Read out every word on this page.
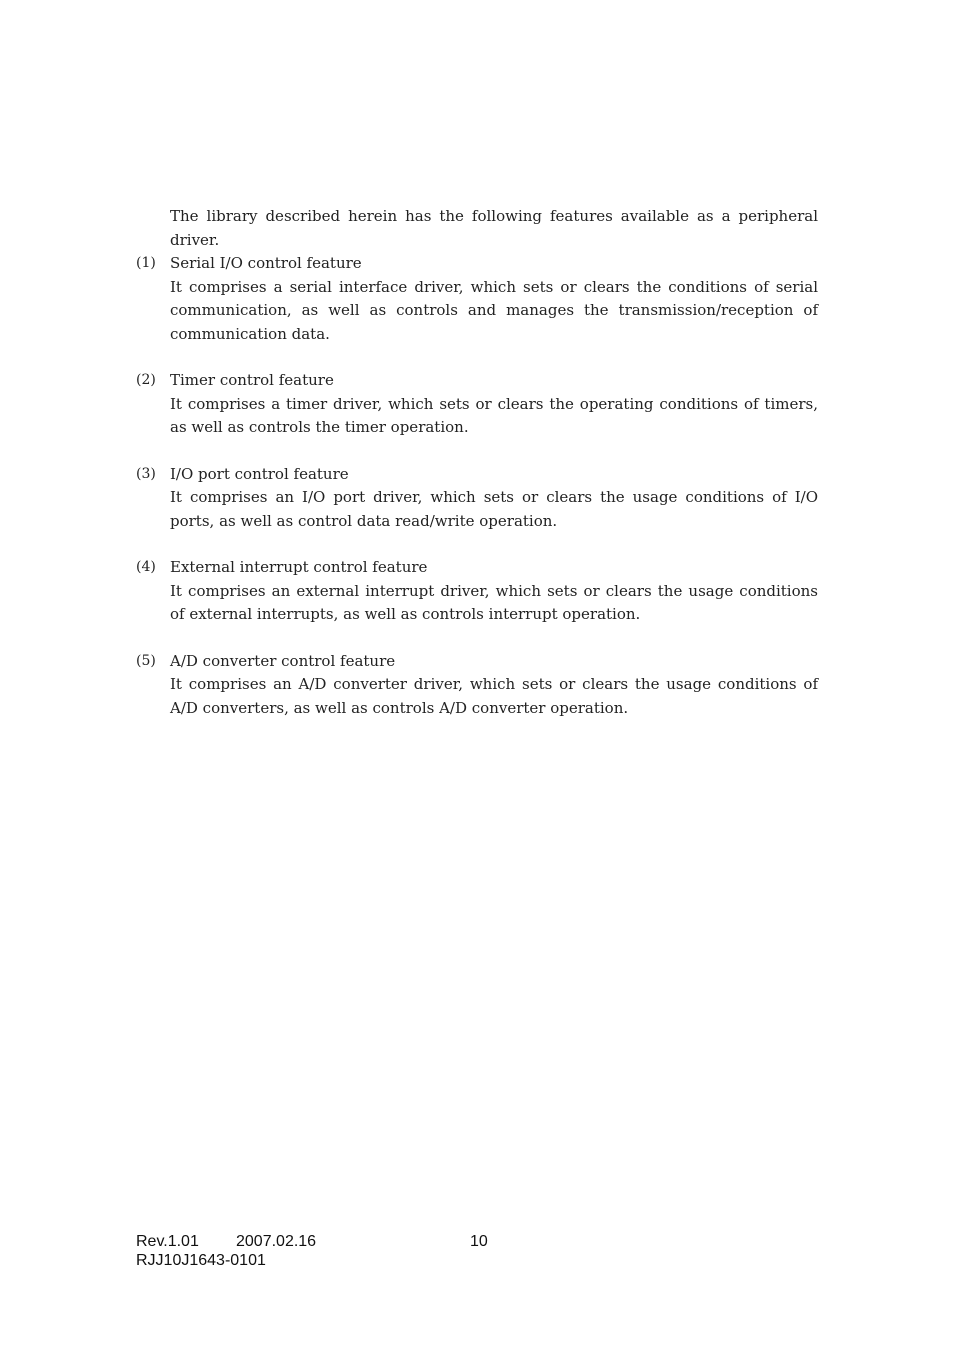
The library described herein has the following features available as a peripheral driver.

(1) Serial I/O control feature

It comprises a serial interface driver, which sets or clears the conditions of serial communication, as well as controls and manages the transmission/reception of communication data.

(2) Timer control feature

It comprises a timer driver, which sets or clears the operating conditions of timers, as well as controls the timer operation.

(3) I/O port control feature

It comprises an I/O port driver, which sets or clears the usage conditions of I/O ports, as well as control data read/write operation.

(4) External interrupt control feature

It comprises an external interrupt driver, which sets or clears the usage conditions of external interrupts, as well as controls interrupt operation.

(5) A/D converter control feature

It comprises an A/D converter driver, which sets or clears the usage conditions of A/D converters, as well as controls A/D converter operation.

Rev.1.01 2007.02.16
RJJ10J1643-0101
10
